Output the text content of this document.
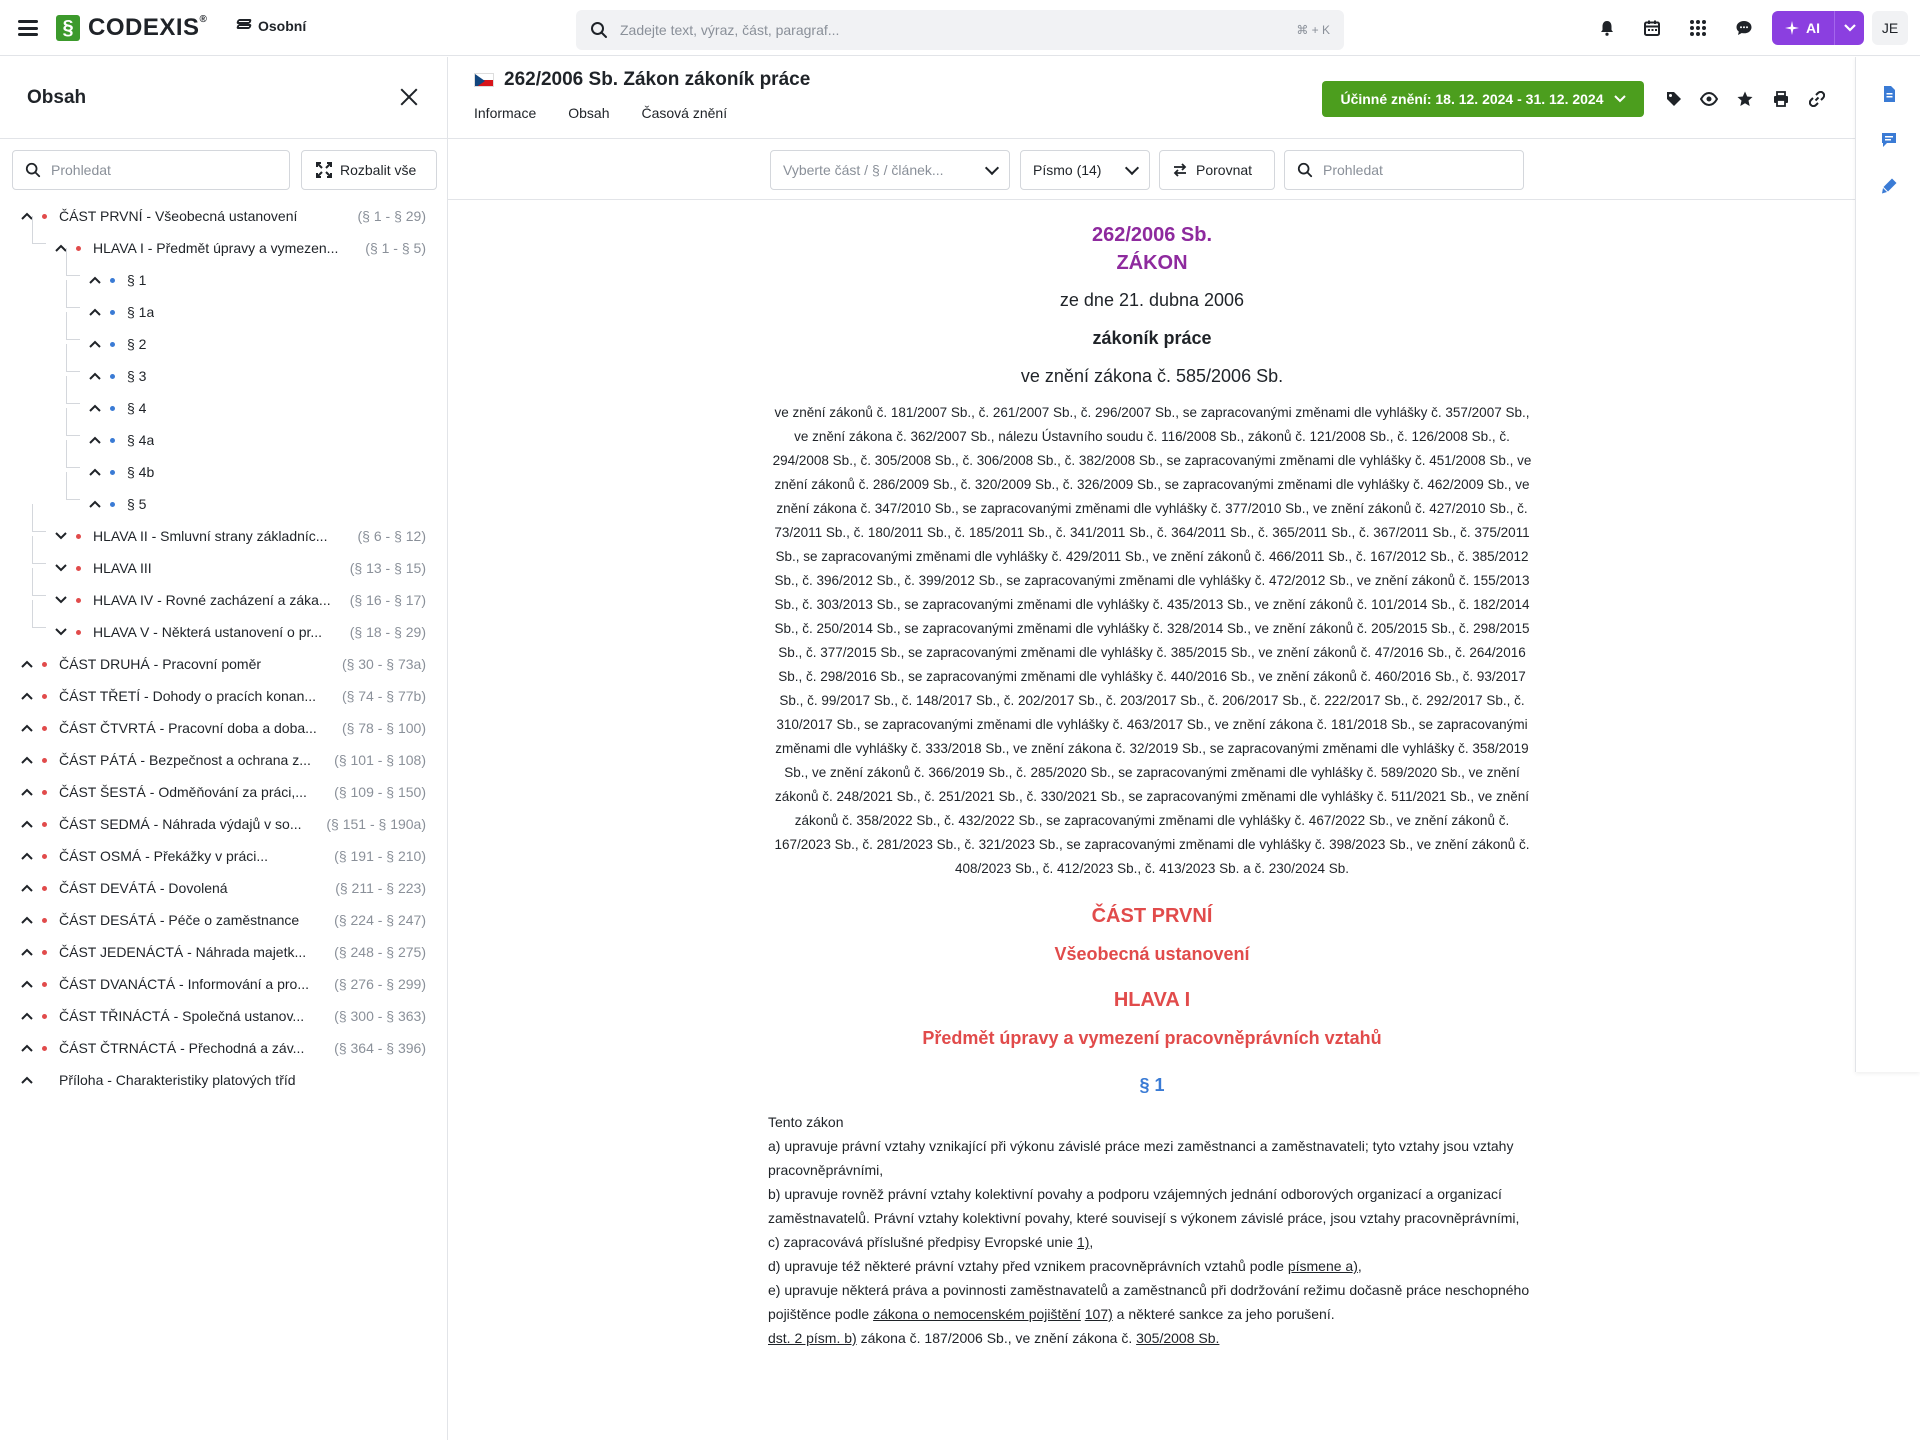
§ CODEXIS®	Osobní
Zadejte text, výraz, část, paragraf...	⌘ + K	AI	JE
Obsah
Prohledat
Rozbalit vše
ČÁST PRVNÍ - Všeobecná ustanovení	(§ 1 - § 29)
HLAVA I - Předmět úpravy a vymezen... (§ 1 - § 5)
§ 1
§ 1a
§ 2
§ 3
§ 4
§ 4a
§ 4b
§ 5
HLAVA II - Smluvní strany základníc... (§ 6 - § 12)
HLAVA III	(§ 13 - § 15)
HLAVA IV - Rovné zacházení a záka... (§ 16 - § 17)
HLAVA V - Některá ustanovení o pr... (§ 18 - § 29)
ČÁST DRUHÁ - Pracovní poměr	(§ 30 - § 73a)
ČÁST TŘETÍ - Dohody o pracích konan... (§ 74 - § 77b)
ČÁST ČTVRTÁ - Pracovní doba a doba... (§ 78 - § 100)
ČÁST PÁTÁ - Bezpečnost a ochrana z... (§ 101 - § 108)
ČÁST ŠESTÁ - Odměňování za práci,... (§ 109 - § 150)
ČÁST SEDMÁ - Náhrada výdajů v so... (§ 151 - § 190a)
ČÁST OSMÁ - Překážky v práci...	(§ 191 - § 210)
ČÁST DEVÁTÁ - Dovolená	(§ 211 - § 223)
ČÁST DESÁTÁ - Péče o zaměstnance (§ 224 - § 247)
ČÁST JEDENÁCTÁ - Náhrada majetk... (§ 248 - § 275)
ČÁST DVANÁCTÁ - Informování a pro... (§ 276 - § 299)
ČÁST TŘINÁCTÁ - Společná ustanov... (§ 300 - § 363)
ČÁST ČTRNÁCTÁ - Přechodná a záv... (§ 364 - § 396)
Příloha - Charakteristiky platových tříd
262/2006 Sb. Zákon zákoník práce
Informace Obsah Časová znění
Účinné znění: 18. 12. 2024 - 31. 12. 2024
Vyberte část / § / článek...	Písmo (14)	Porovnat
Prohledat
262/2006 Sb.
ZÁKON
ze dne 21. dubna 2006
zákoník práce
ve znění zákona č. 585/2006 Sb.
ve znění zákonů č. 181/2007 Sb., č. 261/2007 Sb., č. 296/2007 Sb., se zapracovanými změnami dle vyhlášky č. 357/2007 Sb., ve znění zákona č. 362/2007 Sb., nálezu Ústavního soudu č. 116/2008 Sb., zákonů č. 121/2008 Sb., č. 126/2008 Sb., č. 294/2008 Sb., č. 305/2008 Sb., č. 306/2008 Sb., č. 382/2008 Sb., se zapracovanými změnami dle vyhlášky č. 451/2008 Sb., ve znění zákonů č. 286/2009 Sb., č. 320/2009 Sb., č. 326/2009 Sb., se zapracovanými změnami dle vyhlášky č. 462/2009 Sb., ve znění zákona č. 347/2010 Sb., se zapracovanými změnami dle vyhlášky č. 377/2010 Sb., ve znění zákonů č. 427/2010 Sb., č. 73/2011 Sb., č. 180/2011 Sb., č. 185/2011 Sb., č. 341/2011 Sb., č. 364/2011 Sb., č. 365/2011 Sb., č. 367/2011 Sb., č. 375/2011 Sb., se zapracovanými změnami dle vyhlášky č. 429/2011 Sb., ve znění zákonů č. 466/2011 Sb., č. 167/2012 Sb., č. 385/2012 Sb., č. 396/2012 Sb., č. 399/2012 Sb., se zapracovanými změnami dle vyhlášky č. 472/2012 Sb., ve znění zákonů č. 155/2013 Sb., č. 303/2013 Sb., se zapracovanými změnami dle vyhlášky č. 435/2013 Sb., ve znění zákonů č. 101/2014 Sb., č. 182/2014 Sb., č. 250/2014 Sb., se zapracovanými změnami dle vyhlášky č. 328/2014 Sb., ve znění zákonů č. 205/2015 Sb., č. 298/2015 Sb., č. 377/2015 Sb., se zapracovanými změnami dle vyhlášky č. 385/2015 Sb., ve znění zákonů č. 47/2016 Sb., č. 264/2016 Sb., č. 298/2016 Sb., se zapracovanými změnami dle vyhlášky č. 440/2016 Sb., ve znění zákonů č. 460/2016 Sb., č. 93/2017 Sb., č. 99/2017 Sb., č. 148/2017 Sb., č. 202/2017 Sb., č. 203/2017 Sb., č. 206/2017 Sb., č. 222/2017 Sb., č. 292/2017 Sb., č. 310/2017 Sb., se zapracovanými změnami dle vyhlášky č. 463/2017 Sb., ve znění zákona č. 181/2018 Sb., se zapracovanými změnami dle vyhlášky č. 333/2018 Sb., ve znění zákona č. 32/2019 Sb., se zapracovanými změnami dle vyhlášky č. 358/2019 Sb., ve znění zákonů č. 366/2019 Sb., č. 285/2020 Sb., se zapracovanými změnami dle vyhlášky č. 589/2020 Sb., ve znění zákonů č. 248/2021 Sb., č. 251/2021 Sb., č. 330/2021 Sb., se zapracovanými změnami dle vyhlášky č. 511/2021 Sb., ve znění zákonů č. 358/2022 Sb., č. 432/2022 Sb., se zapracovanými změnami dle vyhlášky č. 467/2022 Sb., ve znění zákonů č. 167/2023 Sb., č. 281/2023 Sb., č. 321/2023 Sb., se zapracovanými změnami dle vyhlášky č. 398/2023 Sb., ve znění zákonů č. 408/2023 Sb., č. 412/2023 Sb., č. 413/2023 Sb. a č. 230/2024 Sb.
ČÁST PRVNÍ
Všeobecná ustanovení
HLAVA I
Předmět úpravy a vymezení pracovněprávních vztahů
§ 1
Tento zákon
a) upravuje právní vztahy vznikající při výkonu závislé práce mezi zaměstnanci a zaměstnavateli; tyto vztahy jsou vztahy pracovněprávními,
b) upravuje rovněž právní vztahy kolektivní povahy a podporu vzájemných jednání odborových organizací a organizací zaměstnavatelů. Právní vztahy kolektivní povahy, které souvisejí s výkonem závislé práce, jsou vztahy pracovněprávními,
c) zapracovává příslušné předpisy Evropské unie 1),
d) upravuje též některé právní vztahy před vznikem pracovněprávních vztahů podle písmene a),
e) upravuje některá práva a povinnosti zaměstnavatelů a zaměstnanců při dodržování režimu dočasně práce neschopného pojištěnce podle zákona o nemocenském pojištění 107) a některé sankce za jeho porušení.
dst. 2 písm. b) zákona č. 187/2006 Sb., ve znění zákona č. 305/2008 Sb.
